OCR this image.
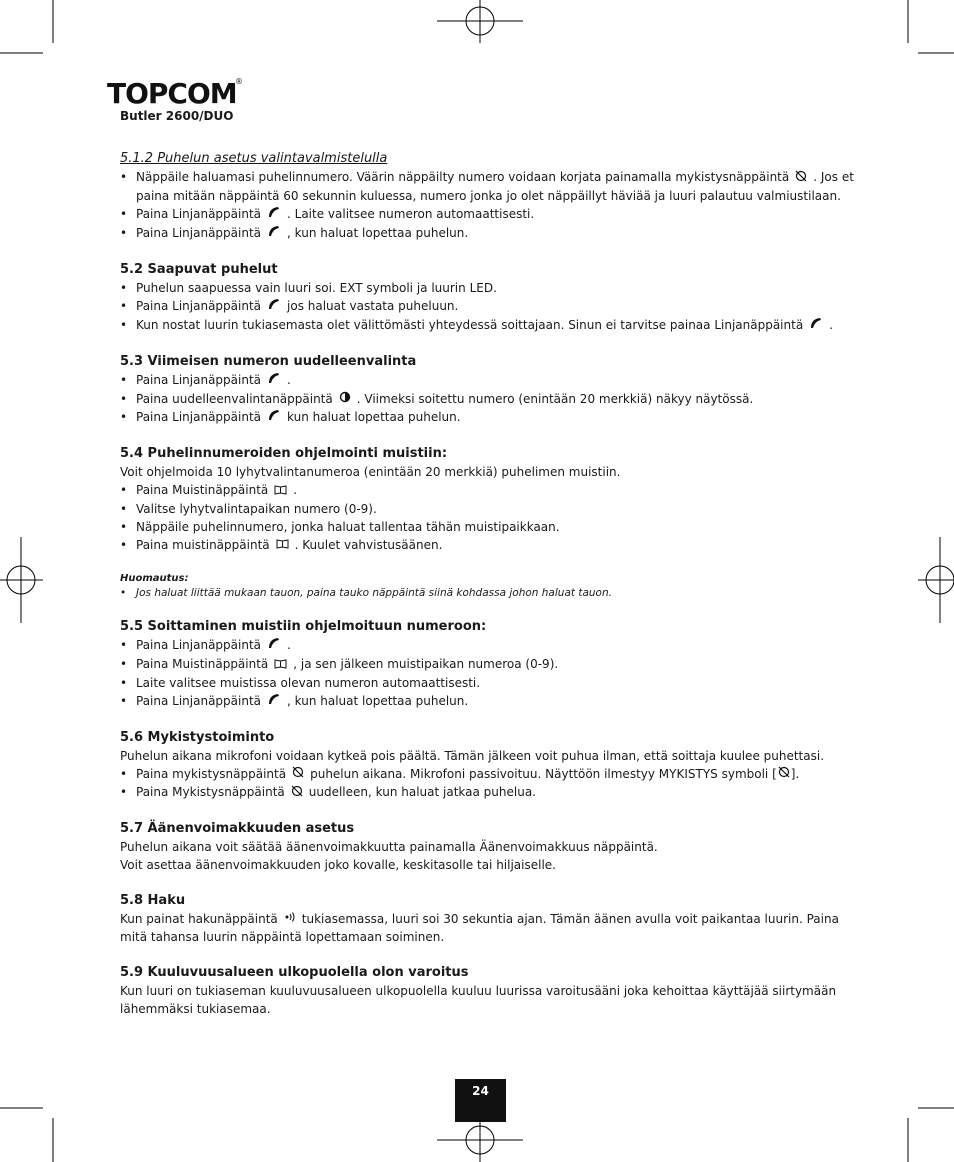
TOPCOM
®
Butler 2600/DUO

5.1.2 Puhelun asetus valintavalmistelulla

• Näppäile haluamasi puhelinnumero. Väärin näppäilty numero voidaan korjata painamalla mykistysnäppäintä . Jos et paina mitään näppäintä 60 sekunnin kuluessa, numero jonka jo olet näppäillyt häviää ja luuri palautuu valmiustilaan.
• Paina Linjanäppäintä . Laite valitsee numeron automaattisesti.
• Paina Linjanäppäintä , kun haluat lopettaa puhelun.

5.2 Saapuvat puhelut

• Puhelun saapuessa vain luuri soi. EXT symboli ja luurin LED.
• Paina Linjanäppäintä jos haluat vastata puheluun.
• Kun nostat luurin tukiasemasta olet välittömästi yhteydessä soittajaan. Sinun ei tarvitse painaa Linjanäppäintä .

5.3 Viimeisen numeron uudelleenvalinta

• Paina Linjanäppäintä .
• Paina uudelleenvalintanäppäintä . Viimeksi soitettu numero (enintään 20 merkkiä) näkyy näytössä.
• Paina Linjanäppäintä kun haluat lopettaa puhelun.

5.4 Puhelinnumeroiden ohjelmointi muistiin:

Voit ohjelmoida 10 lyhytvalintanumeroa (enintään 20 merkkiä) puhelimen muistiin.

• Paina Muistinäppäintä .
• Valitse lyhytvalintapaikan numero (0-9).
• Näppäile puhelinnumero, jonka haluat tallentaa tähän muistipaikkaan.
• Paina muistinäppäintä . Kuulet vahvistusäänen.

Huomautus:

• Jos haluat liittää mukaan tauon, paina tauko näppäintä siinä kohdassa johon haluat tauon.

5.5 Soittaminen muistiin ohjelmoituun numeroon:

• Paina Linjanäppäintä .
• Paina Muistinäppäintä , ja sen jälkeen muistipaikan numeroa (0-9).
• Laite valitsee muistissa olevan numeron automaattisesti.
• Paina Linjanäppäintä , kun haluat lopettaa puhelun.

5.6 Mykistystoiminto

Puhelun aikana mikrofoni voidaan kytkeä pois päältä. Tämän jälkeen voit puhua ilman, että soittaja kuulee puhettasi.

• Paina mykistysnäppäintä puhelun aikana. Mikrofoni passivoituu. Näyttöön ilmestyy MYKISTYS symboli [ ].
• Paina Mykistysnäppäintä uudelleen, kun haluat jatkaa puhelua.

5.7 Äänenvoimakkuuden asetus

Puhelun aikana voit säätää äänenvoimakkuutta painamalla Äänenvoimakkuus näppäintä.

Voit asettaa äänenvoimakkuuden joko kovalle, keskitasolle tai hiljaiselle.

5.8 Haku

Kun painat hakunäppäintä tukiasemassa, luuri soi 30 sekuntia ajan. Tämän äänen avulla voit paikantaa luurin. Paina mitä tahansa luurin näppäintä lopettamaan soiminen.

5.9 Kuuluvuusalueen ulkopuolella olon varoitus

Kun luuri on tukiaseman kuuluvuusalueen ulkopuolella kuuluu luurissa varoitusääni joka kehoittaa käyttäjää siirtymään lähemmäksi tukiasemaa.

24
